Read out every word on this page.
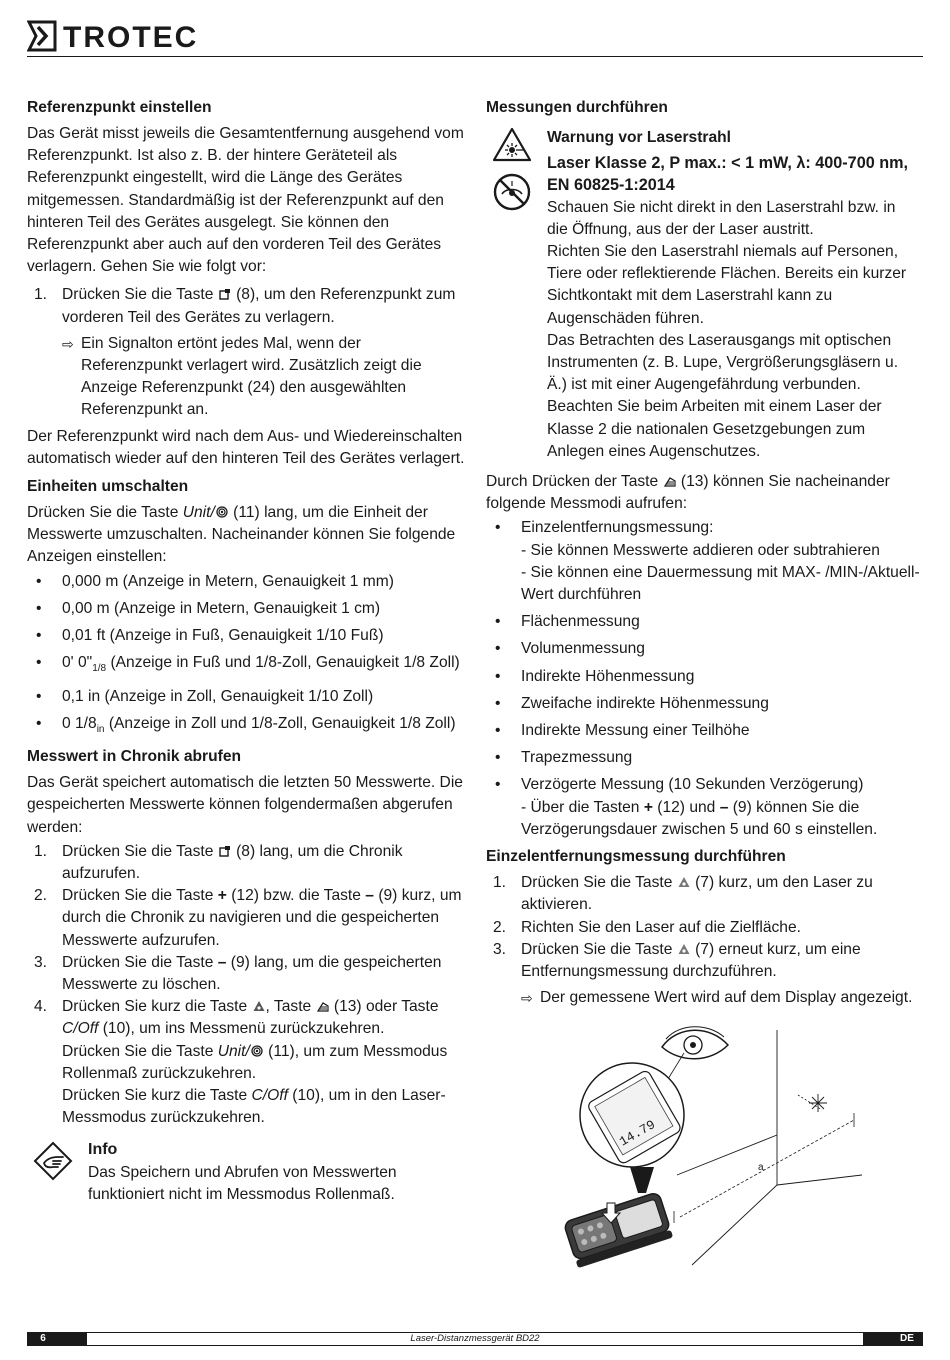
TROTEC
Referenzpunkt einstellen

Das Gerät misst jeweils die Gesamtentfernung ausgehend vom Referenzpunkt. Ist also z. B. der hintere Geräteteil als Referenzpunkt eingestellt, wird die Länge des Gerätes mitgemessen. Standardmäßig ist der Referenzpunkt auf den hinteren Teil des Gerätes ausgelegt. Sie können den Referenzpunkt aber auch auf den vorderen Teil des Gerätes verlagern. Gehen Sie wie folgt vor:

1. Drücken Sie die Taste (8), um den Referenzpunkt zum vorderen Teil des Gerätes zu verlagern.
⇨ Ein Signalton ertönt jedes Mal, wenn der Referenzpunkt verlagert wird. Zusätzlich zeigt die Anzeige Referenzpunkt (24) den ausgewählten Referenzpunkt an.

Der Referenzpunkt wird nach dem Aus- und Wiedereinschalten automatisch wieder auf den hinteren Teil des Gerätes verlagert.

Einheiten umschalten

Drücken Sie die Taste Unit/ (11) lang, um die Einheit der Messwerte umzuschalten. Nacheinander können Sie folgende Anzeigen einstellen:

• 0,000 m (Anzeige in Metern, Genauigkeit 1 mm)
• 0,00 m (Anzeige in Metern, Genauigkeit 1 cm)
• 0,01 ft (Anzeige in Fuß, Genauigkeit 1/10 Fuß)
• 0' $0"_{1/8}$ (Anzeige in Fuß und 1/8-Zoll, Genauigkeit 1/8 Zoll)
• 0,1 in (Anzeige in Zoll, Genauigkeit 1/10 Zoll)
• 0 $1/8_{in}$ (Anzeige in Zoll und 1/8-Zoll, Genauigkeit 1/8 Zoll)
Messwert in Chronik abrufen

Das Gerät speichert automatisch die letzten 50 Messwerte. Die gespeicherten Messwerte können folgendermaßen abgerufen werden:

1. Drücken Sie die Taste (8) lang, um die Chronik aufzurufen.
2. Drücken Sie die Taste + (12) bzw. die Taste – (9) kurz, um durch die Chronik zu navigieren und die gespeicherten Messwerte aufzurufen.
3. Drücken Sie die Taste – (9) lang, um die gespeicherten Messwerte zu löschen.
4. Drücken Sie kurz die Taste , Taste (13) oder Taste C/Off (10), um ins Messmenü zurückzukehren.
Drücken Sie die Taste Unit/ (11), um zum Messmodus Rollenmaß zurückzukehren.
Drücken Sie kurz die Taste C/Off (10), um in den Laser-Messmodus zurückzukehren.
Info
Das Speichern und Abrufen von Messwerten funktioniert nicht im Messmodus Rollenmaß.
Messungen durchführen

Warnung vor Laserstrahl
Laser Klasse 2, P max.: < 1 mW, λ: 400-700 nm,
EN 60825-1:2014
Schauen Sie nicht direkt in den Laserstrahl bzw. in die Öffnung, aus der der Laser austritt.
Richten Sie den Laserstrahl niemals auf Personen, Tiere oder reflektierende Flächen. Bereits ein kurzer Sichtkontakt mit dem Laserstrahl kann zu Augenschäden führen.
Das Betrachten des Laserausgangs mit optischen Instrumenten (z. B. Lupe, Vergrößerungsgläsern u. Ä.) ist mit einer Augengefährdung verbunden.
Beachten Sie beim Arbeiten mit einem Laser der Klasse 2 die nationalen Gesetzgebungen zum Anlegen eines Augenschutzes.

Durch Drücken der Taste (13) können Sie nacheinander folgende Messmodi aufrufen:

• Einzelentfernungsmessung:
- Sie können Messwerte addieren oder subtrahieren
- Sie können eine Dauermessung mit MAX- /MIN-/Aktuell-Wert durchführen
• Flächenmessung
• Volumenmessung
• Indirekte Höhenmessung
• Zweifache indirekte Höhenmessung
• Indirekte Messung einer Teilhöhe
• Trapezmessung
• Verzögerte Messung (10 Sekunden Verzögerung)
- Über die Tasten + (12) und – (9) können Sie die Verzögerungsdauer zwischen 5 und 60 s einstellen.
Einzelentfernungsmessung durchführen
1. Drücken Sie die Taste (7) kurz, um den Laser zu aktivieren.
2. Richten Sie den Laser auf die Zielfläche.
3. Drücken Sie die Taste (7) erneut kurz, um eine Entfernungsmessung durchzuführen.
⇨ Der gemessene Wert wird auf dem Display angezeigt.
a
14.79
6	Laser-Distanzmessgerät BD22	DE
